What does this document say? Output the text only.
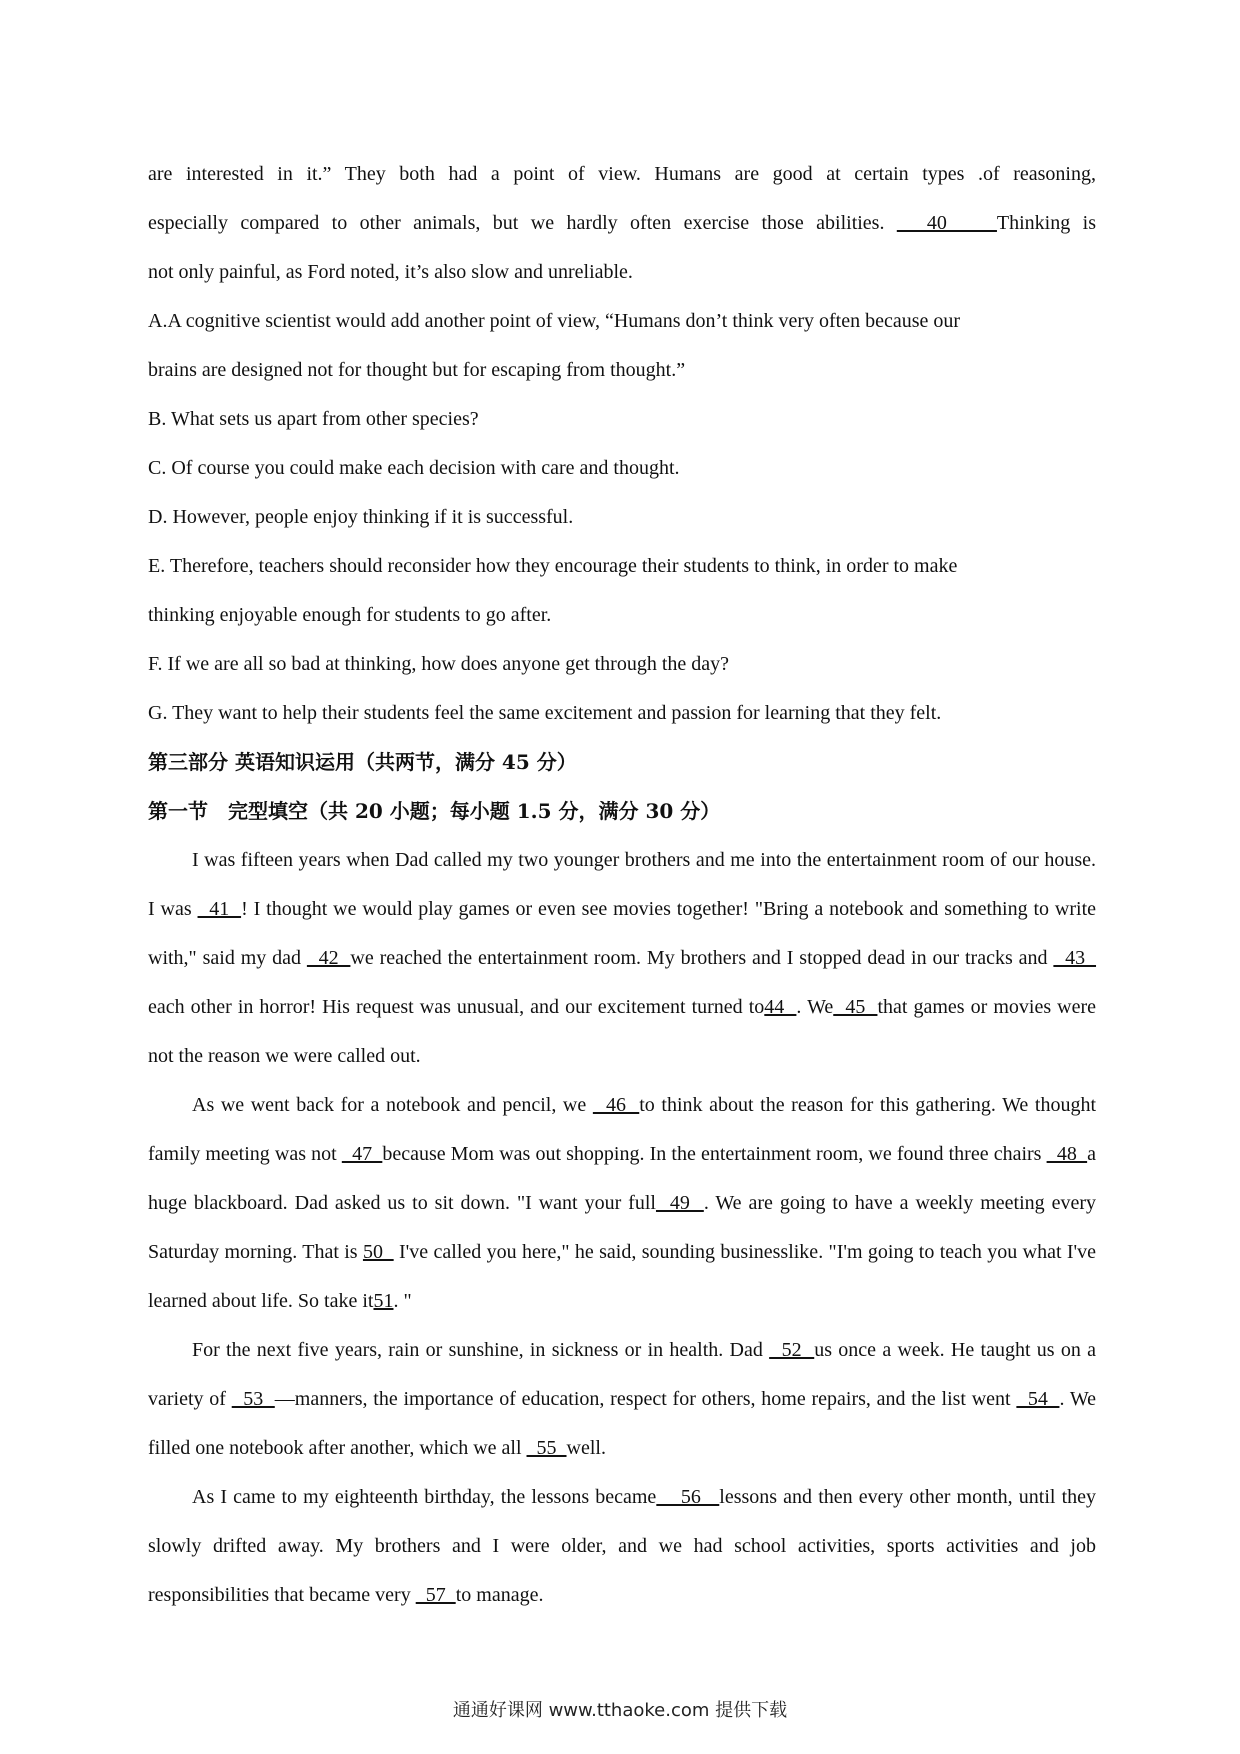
are interested in it.” They both had a point of view. Humans are good at certain types .of reasoning,

especially compared to other animals, but we hardly often exercise those abilities. ___40_____Thinking is

not only painful, as Ford noted, it’s also slow and unreliable.

A.A cognitive scientist would add another point of view, “Humans don’t think very often because our

brains are designed not for thought but for escaping from thought.”

B. What sets us apart from other species?

C. Of course you could make each decision with care and thought.

D. However, people enjoy thinking if it is successful.

E. Therefore, teachers should reconsider how they encourage their students to think, in order to make

thinking enjoyable enough for students to go after.

F. If we are all so bad at thinking, how does anyone get through the day?

G. They want to help their students feel the same excitement and passion for learning that they felt.

第三部分 英语知识运用（共两节，满分 45 分）

第一节 完型填空（共 20 小题；每小题 1.5 分，满分 30 分）

I was fifteen years when Dad called my two younger brothers and me into the entertainment room of our house. I was   41  ! I thought we would play games or even see movies together! "Bring a notebook and something to write with," said my dad   42  we reached the entertainment room. My brothers and I stopped dead in our tracks and   43   each other in horror! His request was unusual, and our excitement turned to44  . We  45  that games or movies were not the reason we were called out.

As we went back for a notebook and pencil, we   46  to think about the reason for this gathering. We thought family meeting was not   47  because Mom was out shopping. In the entertainment room, we found three chairs   48  a huge blackboard. Dad asked us to sit down. "I want your full  49  . We are going to have a weekly meeting every Saturday morning. That is 50   I've called you here," he said, sounding businesslike. "I'm going to teach you what I've learned about life. So take it51. "

For the next five years, rain or sunshine, in sickness or in health. Dad   52  us once a week. He taught us on a variety of   53  —manners, the importance of education, respect for others, home repairs, and the list went   54  . We filled one notebook after another, which we all   55  well.

As I came to my eighteenth birthday, the lessons became    56   lessons and then every other month, until they slowly drifted away. My brothers and I were older, and we had school activities, sports activities and job responsibilities that became very   57  to manage.

通通好课网 www.tthaoke.com 提供下载
